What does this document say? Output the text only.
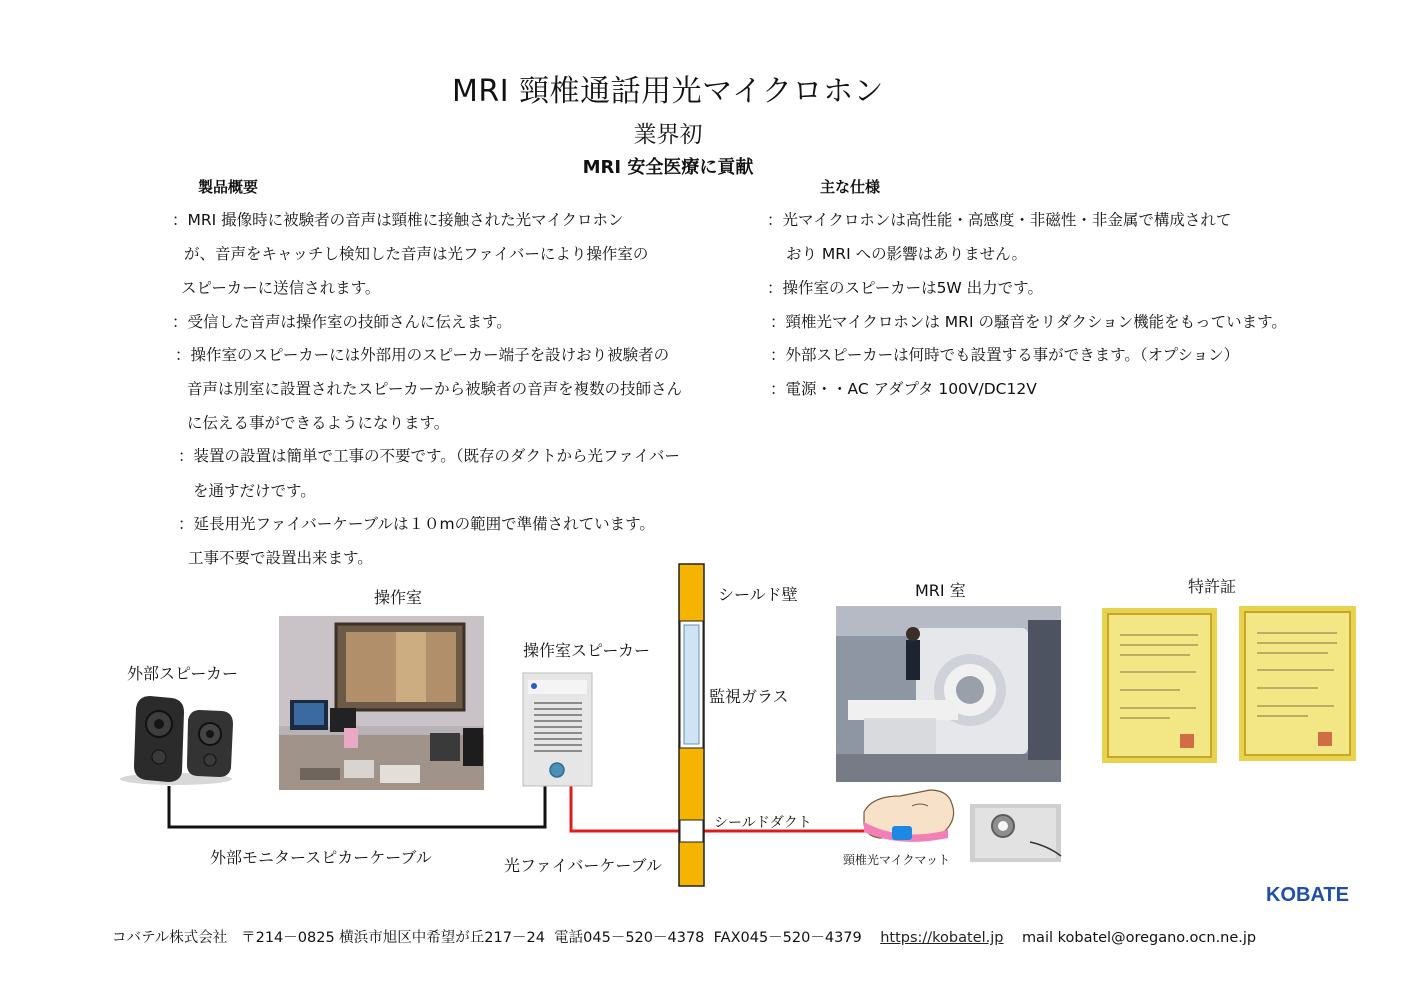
MRI 頸椎通話用光マイクロホン
業界初
MRI 安全医療に貢献
製品概要
：MRI 撮像時に被験者の音声は頸椎に接触された光マイクロホン
が、音声をキャッチし検知した音声は光ファイバーにより操作室の
スピーカーに送信されます。
：受信した音声は操作室の技師さんに伝えます。
：操作室のスピーカーには外部用のスピーカー端子を設けおり被験者の
音声は別室に設置されたスピーカーから被験者の音声を複数の技師さん
に伝える事ができるようになります。
：装置の設置は簡単で工事の不要です。（既存のダクトから光ファイバー
を通すだけです。
：延長用光ファイバーケーブルは１０mの範囲で準備されています。
工事不要で設置出来ます。
主な仕様
：光マイクロホンは高性能・高感度・非磁性・非金属で構成されて
おり MRI への影響はありません。
：操作室のスピーカーは5W 出力です。
：頸椎光マイクロホンは MRI の騒音をリダクション機能をもっています。
：外部スピーカーは何時でも設置する事ができます。（オプション）
：電源・・AC アダプタ 100V/DC12V
操作室
外部スピーカー
操作室スピーカー
シールド壁
監視ガラス
シールドダクト
MRI 室	特許証
外部モニタースピカーケーブル	光ファイバーケーブル	頸椎光マイクマット
KOBATE
コバテル株式会社 〒214－0825 横浜市旭区中希望が丘217－24 電話045－520－4378 FAX045－520－4379 https://kobatel.jp mail kobatel@oregano.ocn.ne.jp
